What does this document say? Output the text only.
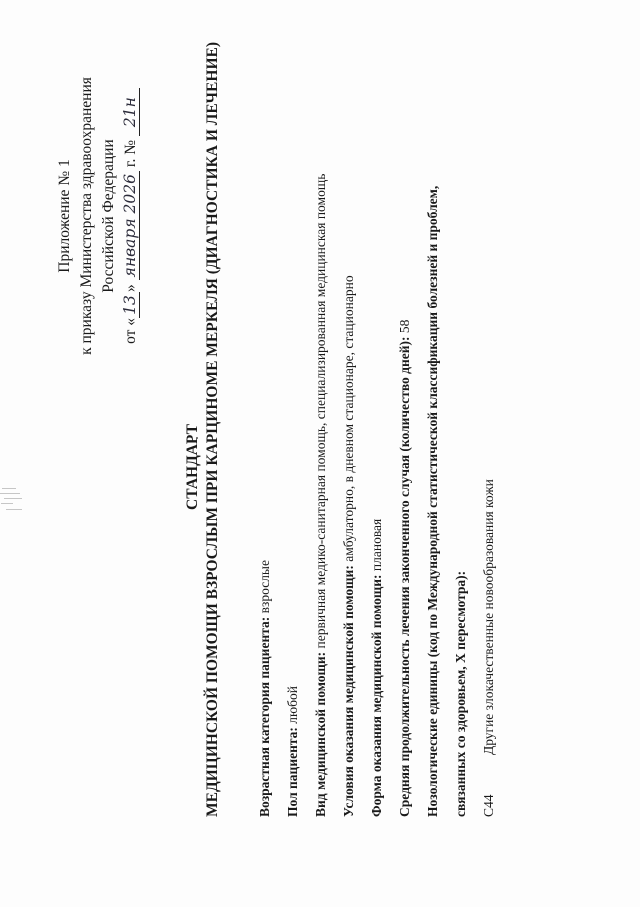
Приложение № 1 к приказу Министерства здравоохранения Российской Федерации
от «13» января 2026 г. № 21н
СТАНДАРТ МЕДИЦИНСКОЙ ПОМОЩИ ВЗРОСЛЫМ ПРИ КАРЦИНОМЕ МЕРКЕЛЯ (ДИАГНОСТИКА И ЛЕЧЕНИЕ)	Возрастная категория пациента: взрослые
Пол пациента: любой Вид медицинской помощи: первичная медико-санитарная помощь, специализированная медицинская помощь
Условия оказания медицинской помощи: амбулаторно, в дневном стационаре, стационарно
Форма оказания медицинской помощи: плановая Средняя продолжительность лечения законченного случая (количество дней): 58 Нозологические единицы (код по Международной статистической классификации болезней и проблем, связанных со здоровьем, X пересмотра): C44
Другие злокачественные новообразования кожи
